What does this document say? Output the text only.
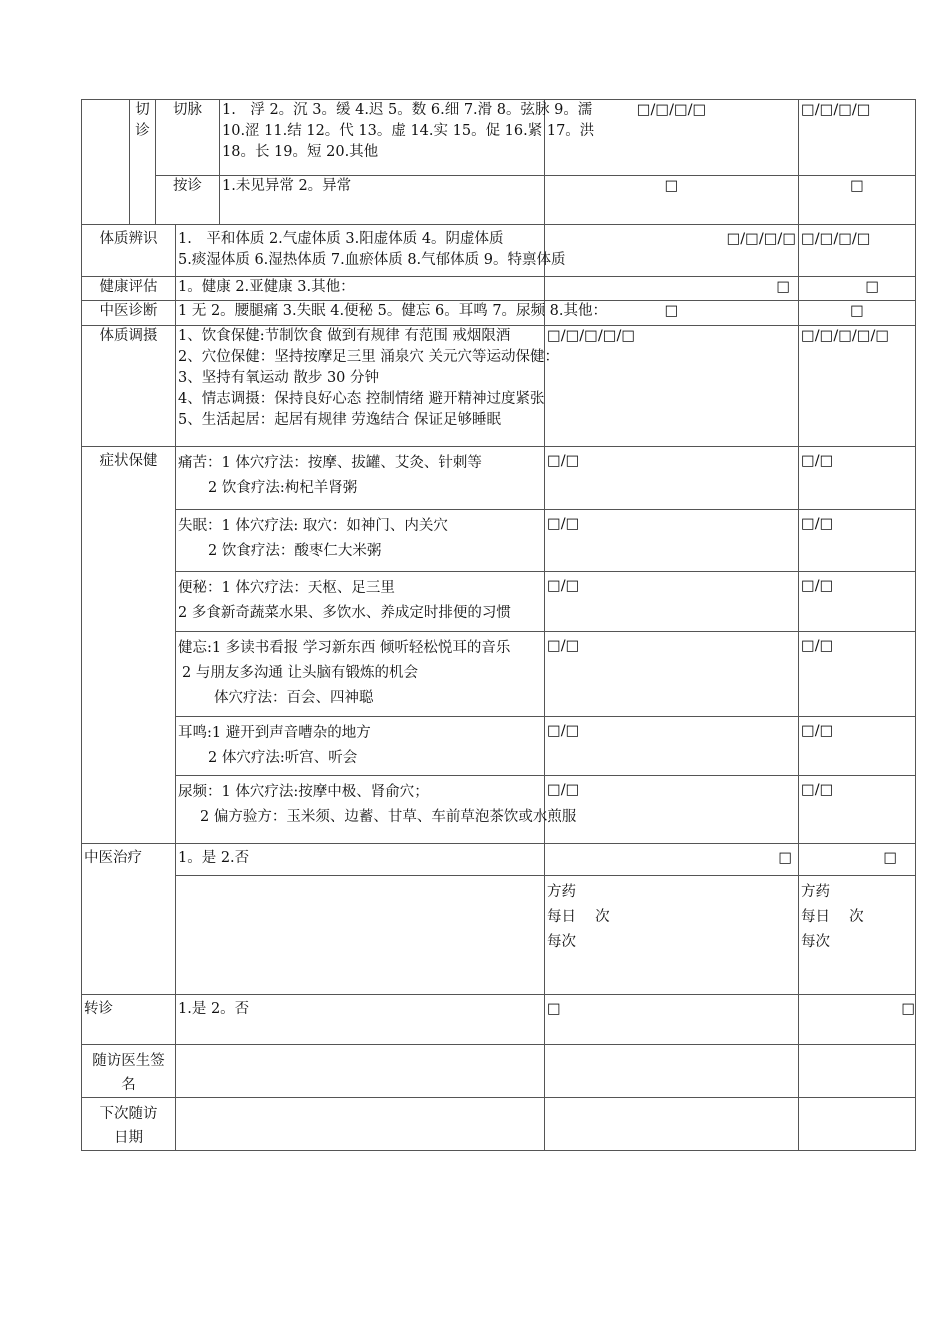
	切诊	切脉		1.　浮 2。沉 3。缓 4.迟 5。数 6.细 7.滑 8。弦脉 9。濡
10.涩 11.结 12。代 13。虚 14.实 15。促 16.紧 17。洪
18。长 19。短 20.其他	□/□/□/□	□/□/□/□
		按诊		1.未见异常 2。异常	□	□
体质辨识			1.　平和体质 2.气虚体质 3.阳虚体质 4。阴虚体质
5.痰湿体质 6.湿热体质 7.血瘀体质 8.气郁体质 9。特禀体质		□/□/□/□	□/□/□/□
健康评估			1。健康 2.亚健康 3.其他：		□	□
中医诊断			1 无 2。腰腿痛 3.失眠 4.便秘 5。健忘 6。耳鸣 7。尿频 8.其他：		□	□
体质调摄			1、饮食保健:节制饮食 做到有规律 有范围 戒烟限酒
2、穴位保健：坚持按摩足三里 涌泉穴 关元穴等运动保健：
3、坚持有氧运动 散步 30 分钟
4、情志调摄：保持良好心态 控制情绪 避开精神过度紧张
5、生活起居：起居有规律 劳逸结合 保证足够睡眠		□/□/□/□/□	□/□/□/□/□
症状保健			痛苦：1 体穴疗法：按摩、拔罐、艾灸、针刺等
2 饮食疗法:枸杞羊肾粥		□/□	□/□

			失眠：1 体穴疗法: 取穴：如神门、内关穴
2 饮食疗法：酸枣仁大米粥		□/□	□/□

			便秘：1 体穴疗法：天枢、足三里
2 多食新奇蔬菜水果、多饮水、养成定时排便的习惯		□/□	□/□

			健忘:1 多读书看报 学习新东西 倾听轻松悦耳的音乐
2 与朋友多沟通 让头脑有锻炼的机会
体穴疗法：百会、四神聪		□/□	□/□

			耳鸣:1 避开到声音嘈杂的地方
2 体穴疗法:听宫、听会		□/□	□/□

			尿频：1 体穴疗法:按摩中极、肾俞穴；
2 偏方验方：玉米须、边蓄、甘草、车前草泡茶饮或水煎服		□/□	□/□
中医治疗			1。是 2.否		□	□

					方药
每日　 次
每次	方药
每日　 次
每次

转诊			1.是 2。否		□	□
随访医生签名						
下次随访日期						
